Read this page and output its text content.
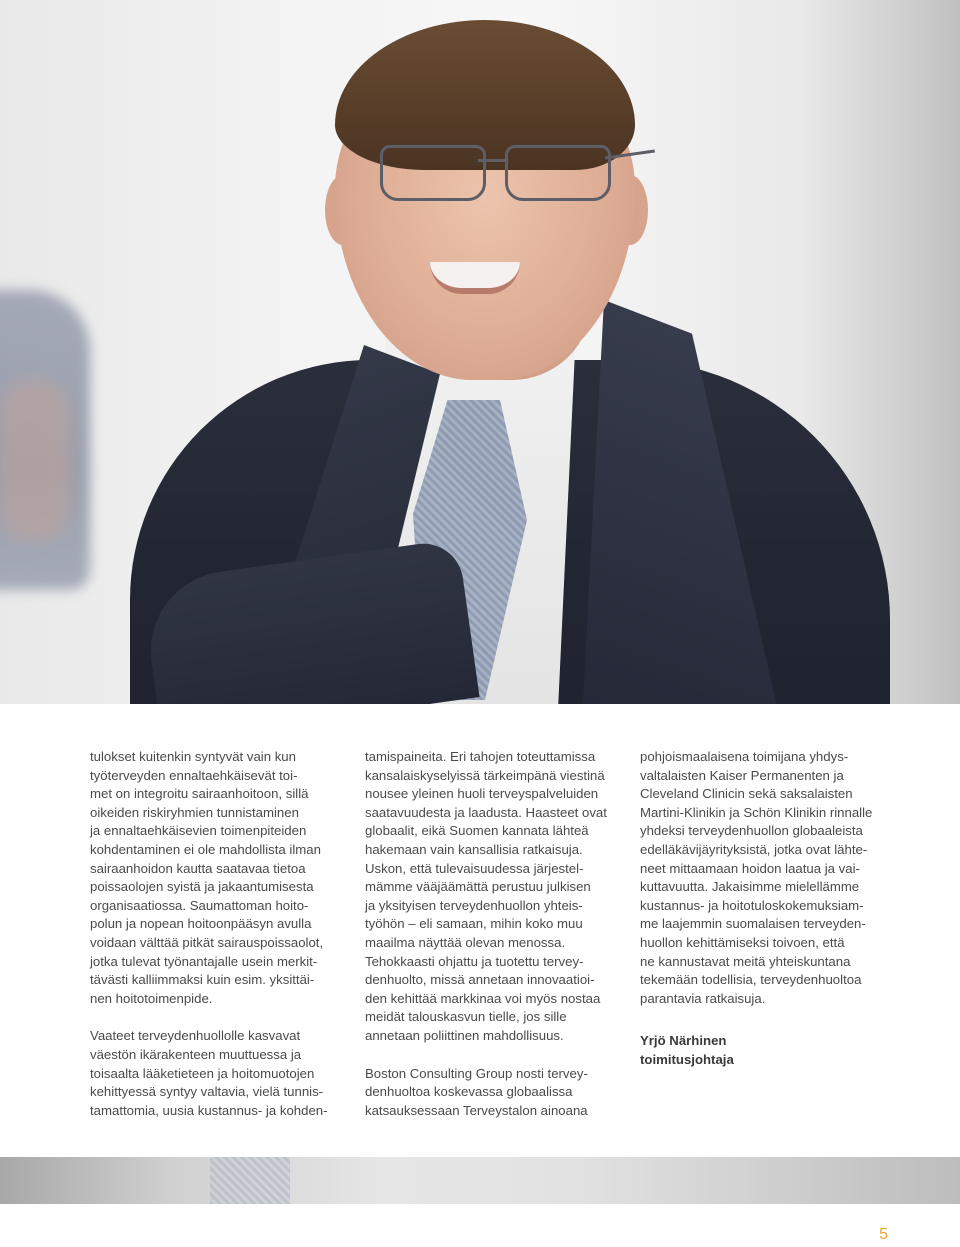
tulokset kuitenkin syntyvät vain kun
työterveyden ennaltaehkäisevät toi-
met on integroitu sairaanhoitoon, sillä
oikeiden riskiryhmien tunnistaminen
ja ennaltaehkäisevien toimenpiteiden
kohdentaminen ei ole mahdollista ilman
sairaanhoidon kautta saatavaa tietoa
poissaolojen syistä ja jakaantumisesta
organisaatiossa. Saumattoman hoito-
polun ja nopean hoitoonpääsyn avulla
voidaan välttää pitkät sairauspoissaolot,
jotka tulevat työnantajalle usein merkit-
tävästi kalliimmaksi kuin esim. yksittäi-
nen hoitotoimenpide.

Vaateet terveydenhuollolle kasvavat
väestön ikärakenteen muuttuessa ja
toisaalta lääketieteen ja hoitomuotojen
kehittyessä syntyy valtavia, vielä tunnis-
tamattomia, uusia kustannus- ja kohden-

tamispaineita. Eri tahojen toteuttamissa
kansalaiskyselyissä tärkeimpänä viestinä
nousee yleinen huoli terveyspalveluiden
saatavuudesta ja laadusta. Haasteet ovat
globaalit, eikä Suomen kannata lähteä
hakemaan vain kansallisia ratkaisuja.
Uskon, että tulevaisuudessa järjestel-
mämme vääjäämättä perustuu julkisen
ja yksityisen terveydenhuollon yhteis-
työhön – eli samaan, mihin koko muu
maailma näyttää olevan menossa.
Tehokkaasti ohjattu ja tuotettu tervey-
denhuolto, missä annetaan innovaatioi-
den kehittää markkinaa voi myös nostaa
meidät talouskasvun tielle, jos sille
annetaan poliittinen mahdollisuus.

Boston Consulting Group nosti tervey-
denhuoltoa koskevassa globaalissa
katsauksessaan Terveystalon ainoana

pohjoismaalaisena toimijana yhdys-
valtalaisten Kaiser Permanenten ja
Cleveland Clinicin sekä saksalaisten
Martini-Klinikin ja Schön Klinikin rinnalle
yhdeksi terveydenhuollon globaaleista
edelläkävijäyrityksistä, jotka ovat lähte-
neet mittaamaan hoidon laatua ja vai-
kuttavuutta. Jakaisimme mielellämme
kustannus- ja hoitotuloskokemuksiam-
me laajemmin suomalaisen terveyden-
huollon kehittämiseksi toivoen, että
ne kannustavat meitä yhteiskuntana
tekemään todellisia, terveydenhuoltoa
parantavia ratkaisuja.

Yrjö Närhinen
toimitusjohtaja
5
